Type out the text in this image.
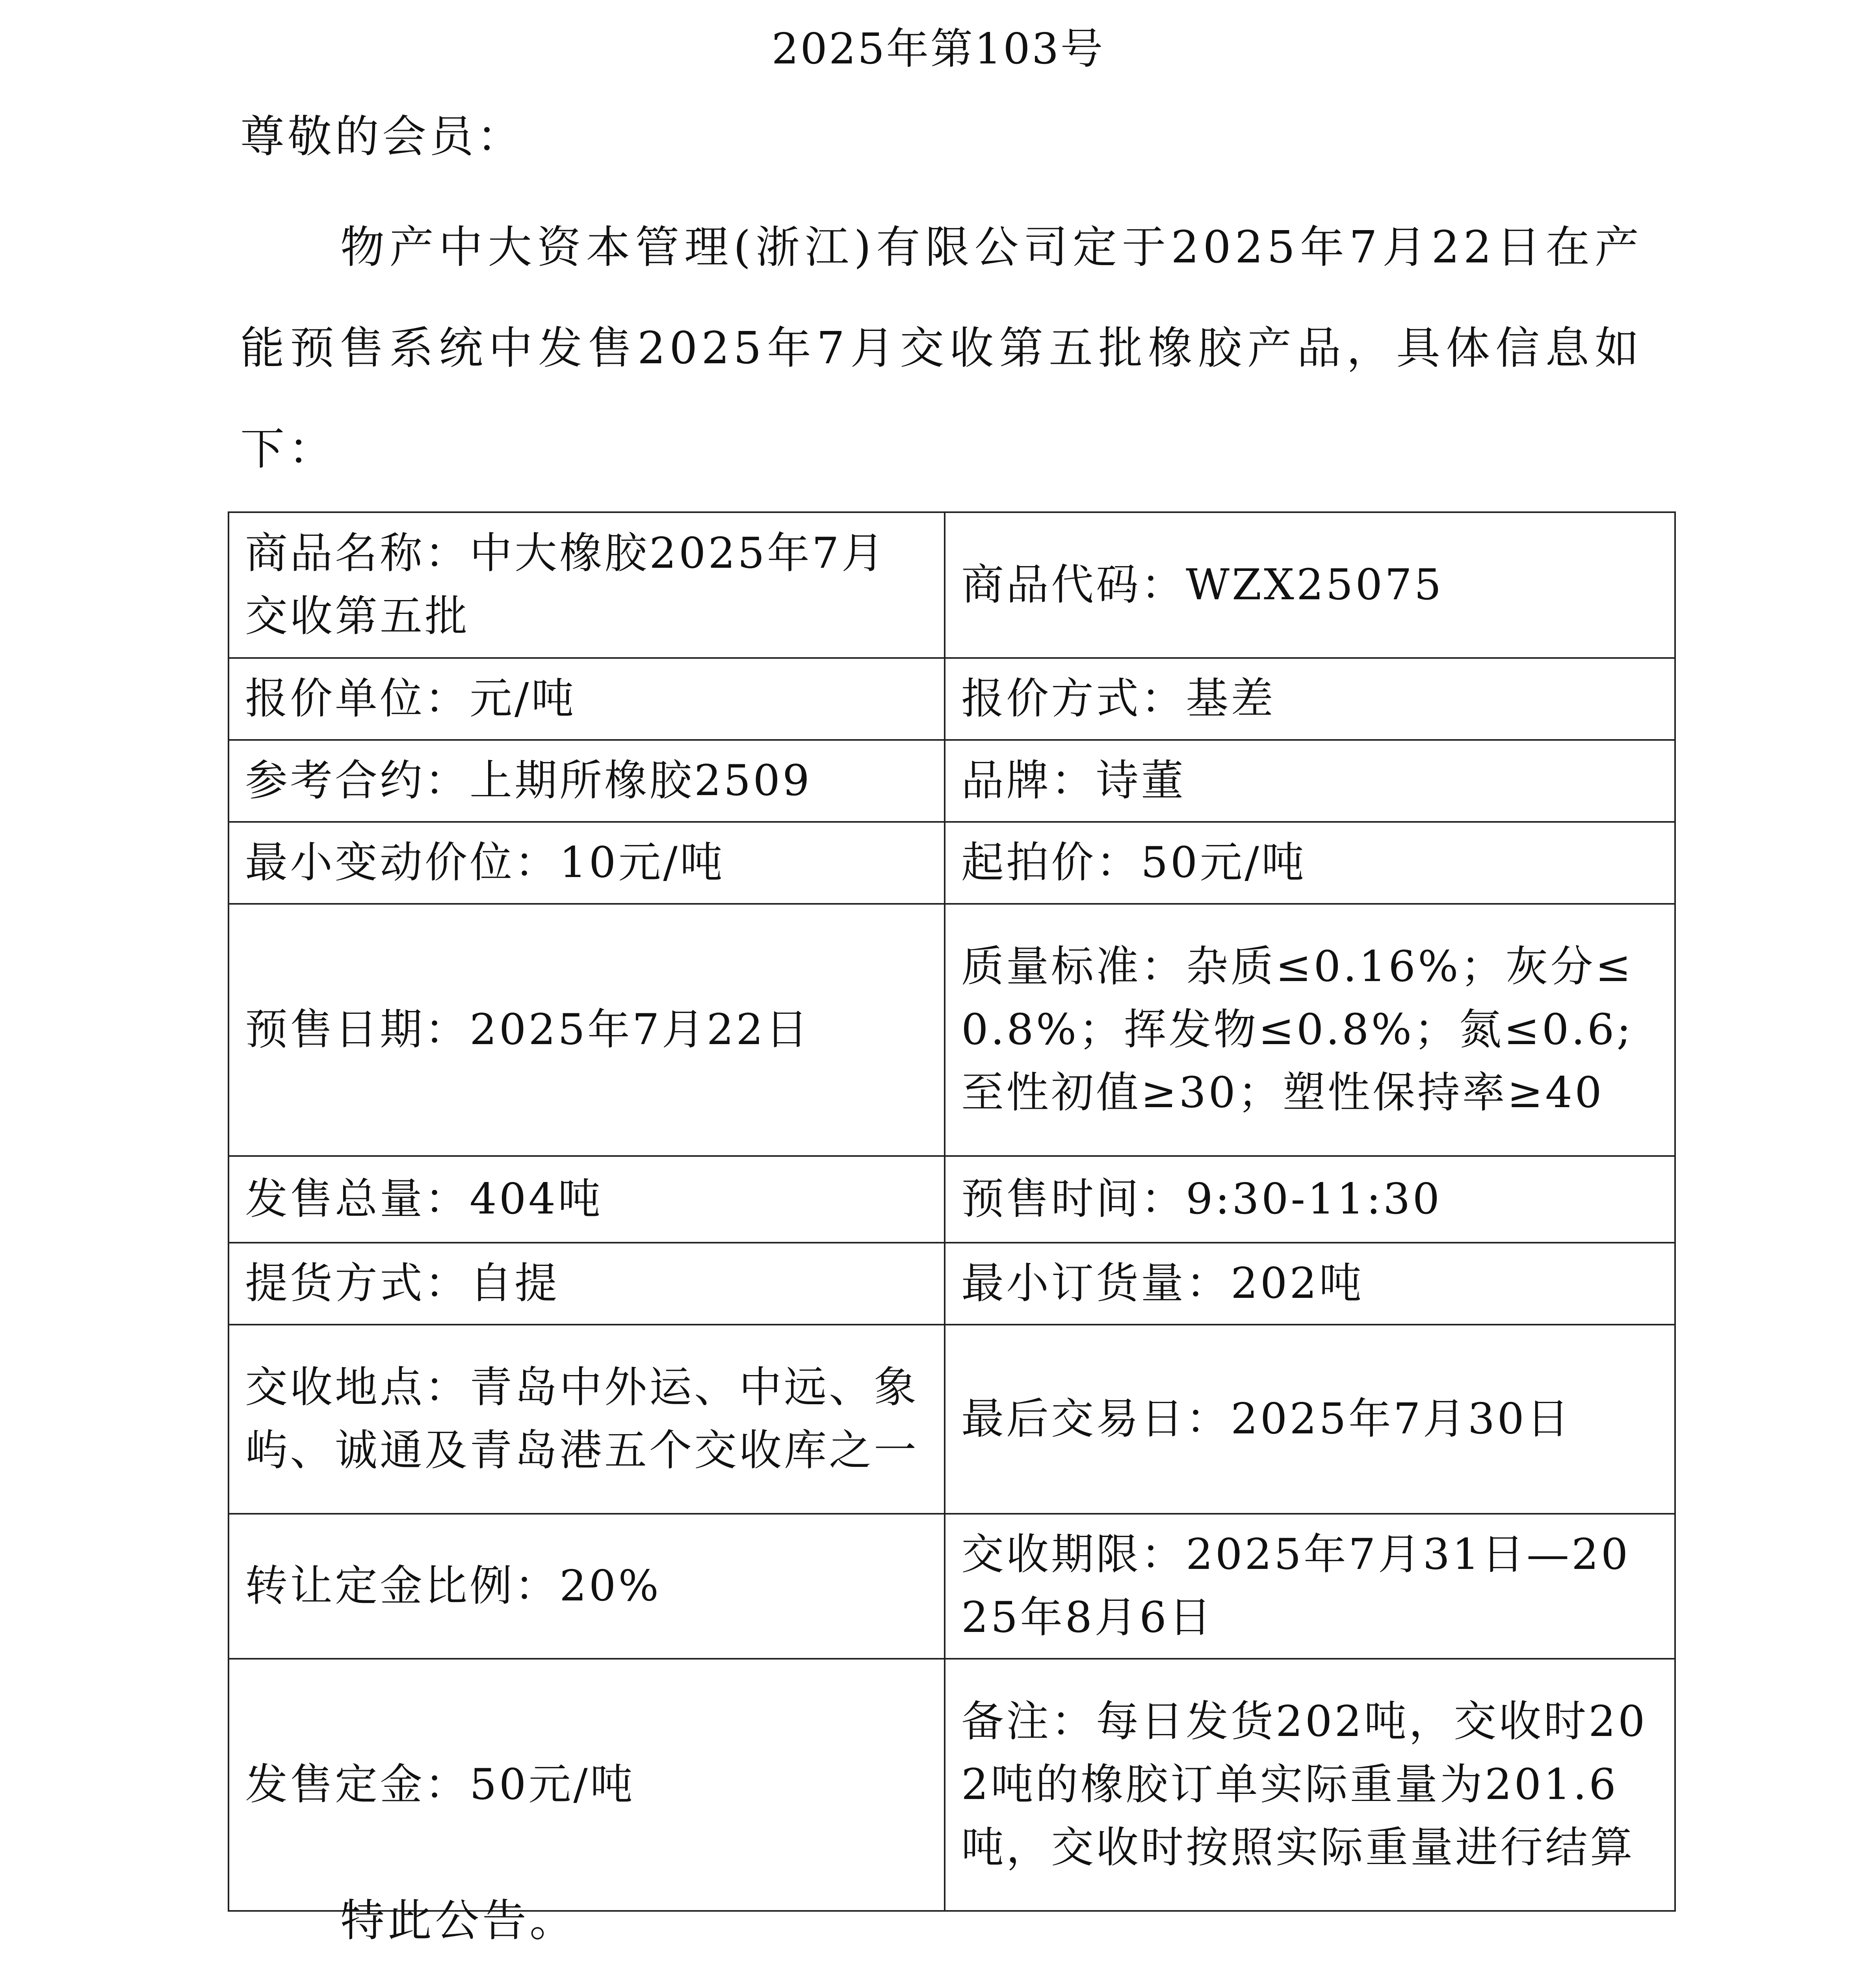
2025年第103号
尊敬的会员：
物产中大资本管理(浙江)有限公司定于2025年7月22日在产能预售系统中发售2025年7月交收第五批橡胶产品，具体信息如下：
商品名称：中大橡胶2025年7月交收第五批	商品代码：WZX25075
报价单位：元/吨	报价方式：基差
参考合约：上期所橡胶2509	品牌：诗董
最小变动价位：10元/吨	起拍价：50元/吨
预售日期：2025年7月22日	质量标准：杂质≤0.16%；灰分≤0.8%；挥发物≤0.8%；氮≤0.6;至性初值≥30；塑性保持率≥40
发售总量：404吨	预售时间：9:30-11:30
提货方式：自提	最小订货量：202吨
交收地点：青岛中外运、中远、象屿、诚通及青岛港五个交收库之一	最后交易日：2025年7月30日
转让定金比例：20%	交收期限：2025年7月31日—2025年8月6日
发售定金：50元/吨	备注：每日发货202吨，交收时202吨的橡胶订单实际重量为201.6吨，交收时按照实际重量进行结算
特此公告。
